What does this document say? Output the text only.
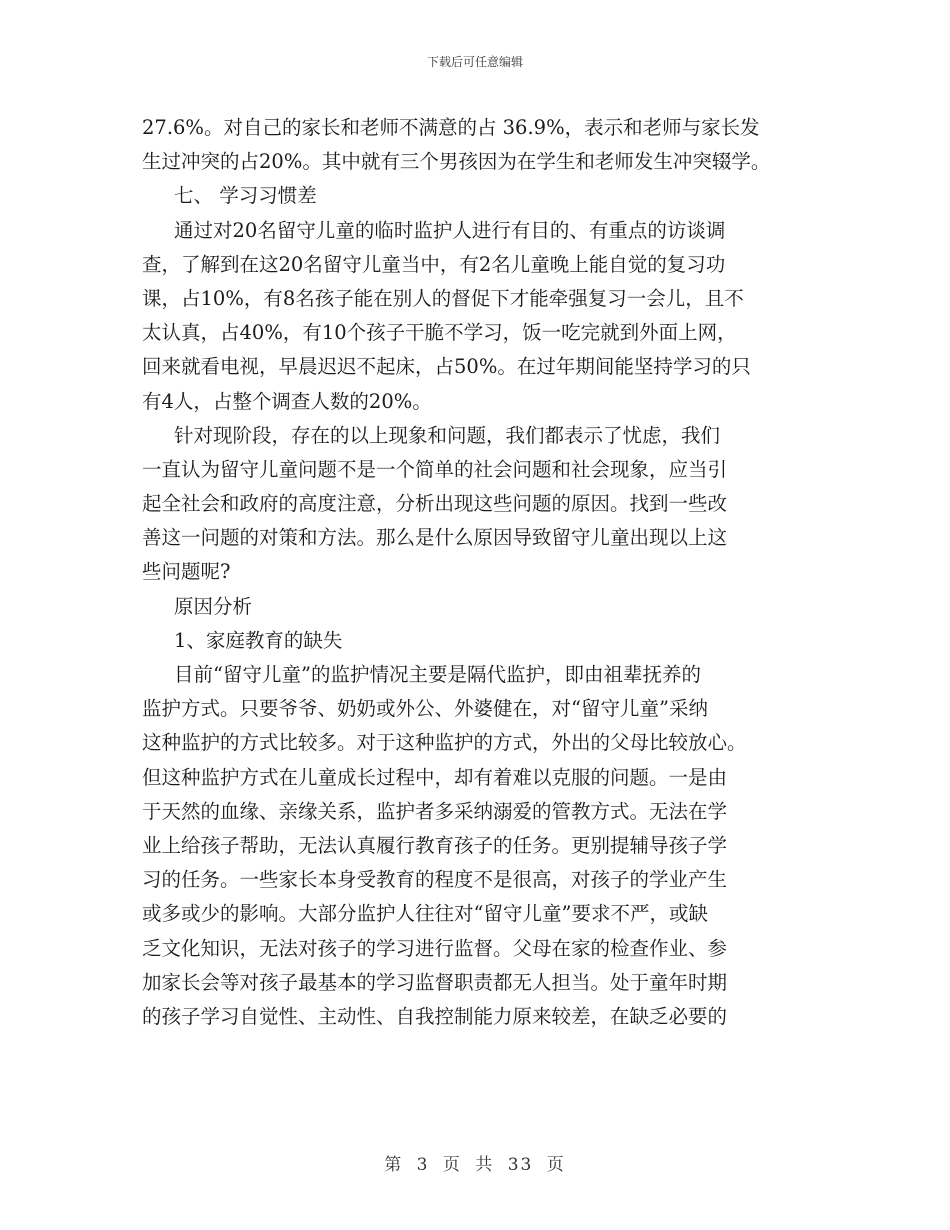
下载后可任意编辑
27.6%。对自己的家长和老师不满意的占 36.9%，表示和老师与家长发
生过冲突的占20%。其中就有三个男孩因为在学生和老师发生冲突辍学。
七、 学习习惯差
通过对20名留守儿童的临时监护人进行有目的、有重点的访谈调
查，了解到在这20名留守儿童当中，有2名儿童晚上能自觉的复习功
课，占10%，有8名孩子能在别人的督促下才能牵强复习一会儿，且不
太认真，占40%，有10个孩子干脆不学习，饭一吃完就到外面上网，
回来就看电视，早晨迟迟不起床，占50%。在过年期间能坚持学习的只
有4人，占整个调查人数的20%。
针对现阶段，存在的以上现象和问题，我们都表示了忧虑，我们
一直认为留守儿童问题不是一个简单的社会问题和社会现象，应当引
起全社会和政府的高度注意，分析出现这些问题的原因。找到一些改
善这一问题的对策和方法。那么是什么原因导致留守儿童出现以上这
些问题呢?
原因分析
1、家庭教育的缺失
目前“留守儿童”的监护情况主要是隔代监护，即由祖辈抚养的
监护方式。只要爷爷、奶奶或外公、外婆健在，对“留守儿童”采纳
这种监护的方式比较多。对于这种监护的方式，外出的父母比较放心。
但这种监护方式在儿童成长过程中，却有着难以克服的问题。一是由
于天然的血缘、亲缘关系，监护者多采纳溺爱的管教方式。无法在学
业上给孩子帮助，无法认真履行教育孩子的任务。更别提辅导孩子学
习的任务。一些家长本身受教育的程度不是很高，对孩子的学业产生
或多或少的影响。大部分监护人往往对“留守儿童”要求不严，或缺
乏文化知识，无法对孩子的学习进行监督。父母在家的检查作业、参
加家长会等对孩子最基本的学习监督职责都无人担当。处于童年时期
的孩子学习自觉性、主动性、自我控制能力原来较差，在缺乏必要的
第 3 页 共 33 页
